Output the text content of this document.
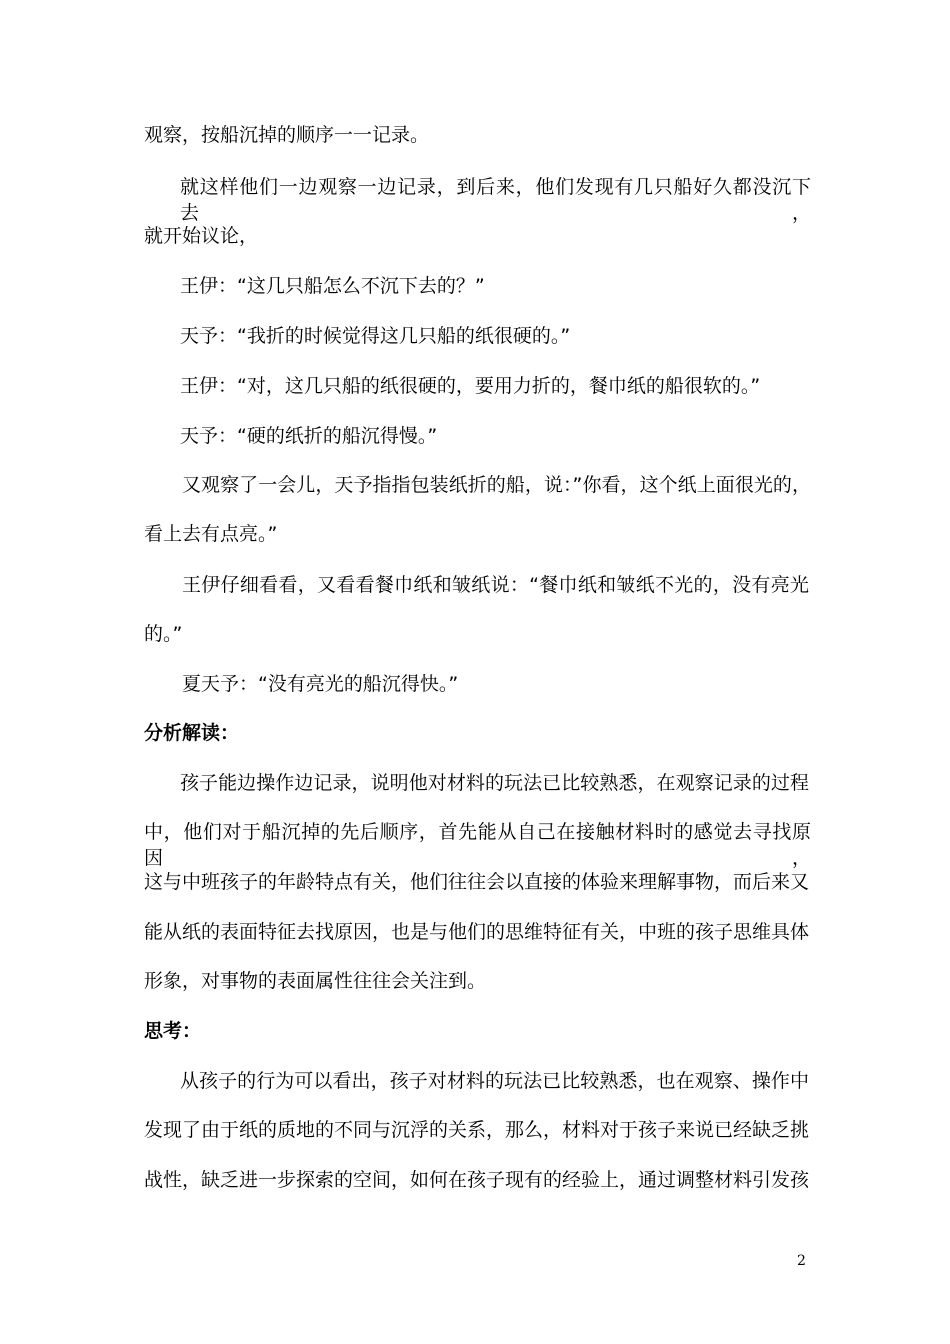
观察，按船沉掉的顺序一一记录。
就这样他们一边观察一边记录，到后来，他们发现有几只船好久都没沉下去，
就开始议论，
王伊：“这几只船怎么不沉下去的？”
天予：“我折的时候觉得这几只船的纸很硬的。”
王伊：“对，这几只船的纸很硬的，要用力折的，餐巾纸的船很软的。”
天予：“硬的纸折的船沉得慢。”
又观察了一会儿，天予指指包装纸折的船，说：”你看，这个纸上面很光的，
看上去有点亮。”
王伊仔细看看，又看看餐巾纸和皱纸说：“餐巾纸和皱纸不光的，没有亮光
的。”
夏天予：“没有亮光的船沉得快。”
分析解读：
孩子能边操作边记录，说明他对材料的玩法已比较熟悉，在观察记录的过程
中，他们对于船沉掉的先后顺序，首先能从自己在接触材料时的感觉去寻找原因，
这与中班孩子的年龄特点有关，他们往往会以直接的体验来理解事物，而后来又
能从纸的表面特征去找原因，也是与他们的思维特征有关，中班的孩子思维具体
形象，对事物的表面属性往往会关注到。
思考：
从孩子的行为可以看出，孩子对材料的玩法已比较熟悉，也在观察、操作中
发现了由于纸的质地的不同与沉浮的关系，那么，材料对于孩子来说已经缺乏挑
战性，缺乏进一步探索的空间，如何在孩子现有的经验上，通过调整材料引发孩
2
